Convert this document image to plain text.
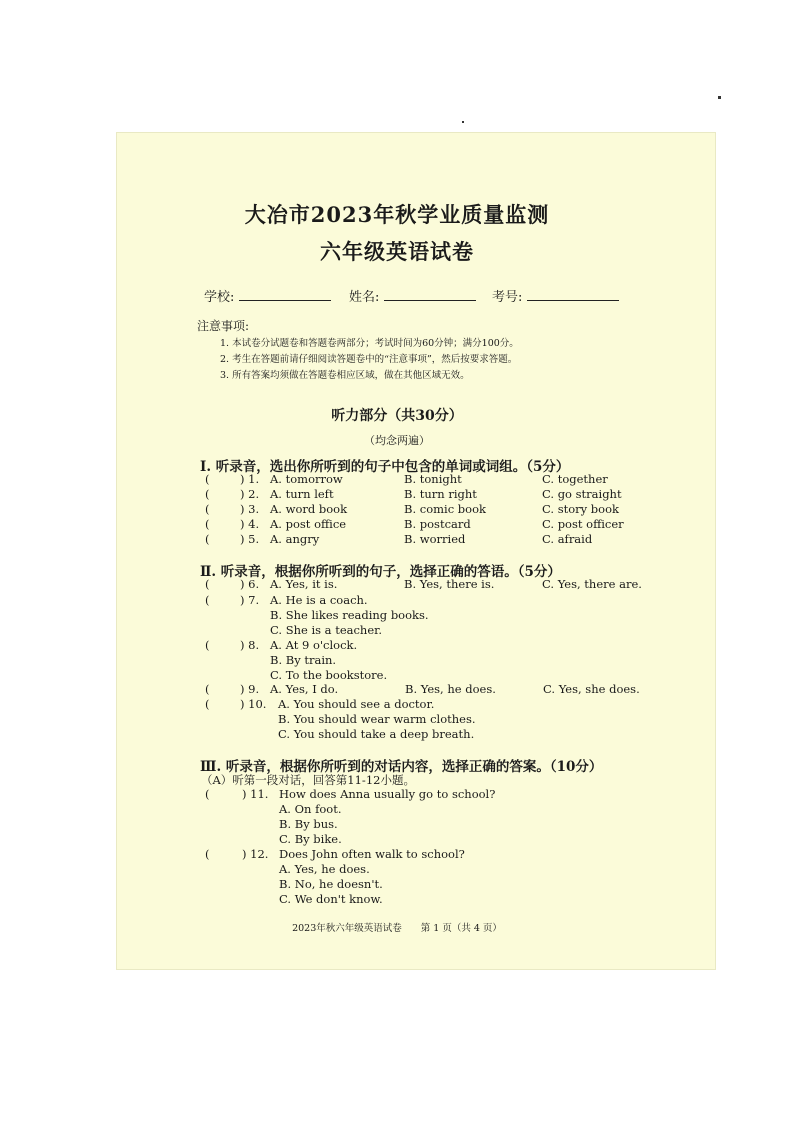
大冶市2023年秋学业质量监测
六年级英语试卷
学校:	姓名:	考号:
注意事项:
1. 本试卷分试题卷和答题卷两部分；考试时间为60分钟；满分100分。
2. 考生在答题前请仔细阅读答题卷中的“注意事项”，然后按要求答题。
3. 所有答案均须做在答题卷相应区域，做在其他区域无效。
听力部分（共30分）
（均念两遍）
Ⅰ. 听录音，选出你所听到的句子中包含的单词或词组。（5分）
(	) 1. A. tomorrow	B. tonight	C. together
(	) 2. A. turn left	B. turn right	C. go straight
(	) 3. A. word book	B. comic book	C. story book
(	) 4. A. post office	B. postcard	C. post officer
(	) 5. A. angry	B. worried	C. afraid
Ⅱ. 听录音，根据你所听到的句子，选择正确的答语。（5分）
(	) 6. A. Yes, it is.	B. Yes, there is.	C. Yes, there are.
(	) 7. A. He is a coach.
B. She likes reading books.
C. She is a teacher.
(	) 8. A. At 9 o'clock.
B. By train.
C. To the bookstore.
(	) 9. A. Yes, I do.	B. Yes, he does.	C. Yes, she does.
(	) 10. A. You should see a doctor.
B. You should wear warm clothes.
C. You should take a deep breath.
Ⅲ. 听录音，根据你所听到的对话内容，选择正确的答案。（10分）
（A）听第一段对话，回答第11-12小题。
(	) 11. How does Anna usually go to school?
A. On foot.
B. By bus.
C. By bike.
(	) 12. Does John often walk to school?
A. Yes, he does.
B. No, he doesn't.
C. We don't know.
2023年秋六年级英语试卷　　第 1 页（共 4 页）
